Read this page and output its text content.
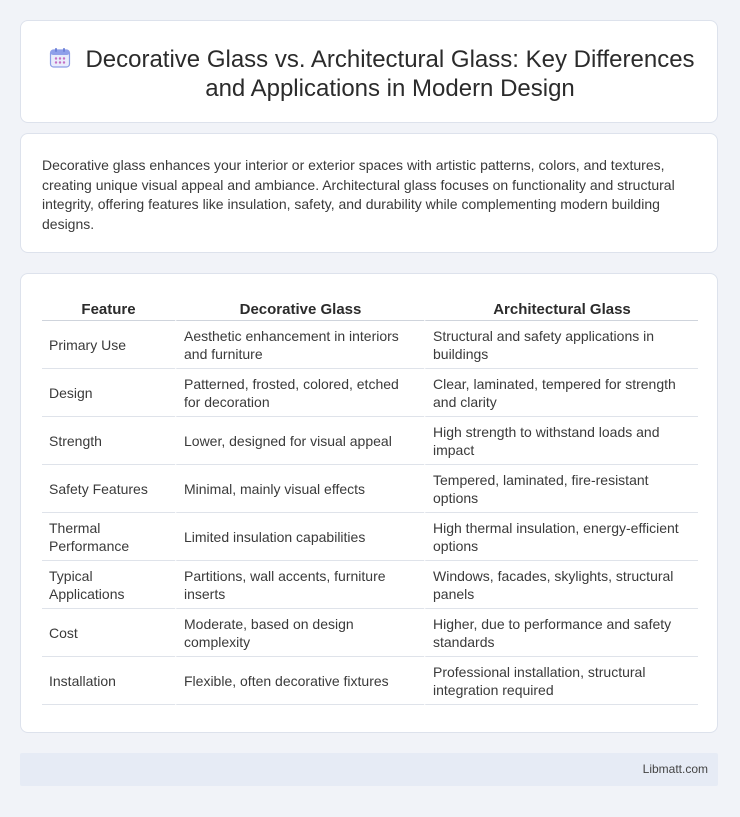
Decorative Glass vs. Architectural Glass: Key Differences and Applications in Modern Design

Decorative glass enhances your interior or exterior spaces with artistic patterns, colors, and textures, creating unique visual appeal and ambiance. Architectural glass focuses on functionality and structural integrity, offering features like insulation, safety, and durability while complementing modern building designs.

Feature	Decorative Glass	Architectural Glass
Primary Use	Aesthetic enhancement in interiors and furniture	Structural and safety applications in buildings
Design	Patterned, frosted, colored, etched for decoration	Clear, laminated, tempered for strength and clarity
Strength	Lower, designed for visual appeal	High strength to withstand loads and impact
Safety Features	Minimal, mainly visual effects	Tempered, laminated, fire-resistant options
Thermal Performance	Limited insulation capabilities	High thermal insulation, energy-efficient options
Typical Applications	Partitions, wall accents, furniture inserts	Windows, facades, skylights, structural panels
Cost	Moderate, based on design complexity	Higher, due to performance and safety standards
Installation	Flexible, often decorative fixtures	Professional installation, structural integration required
Libmatt.com
